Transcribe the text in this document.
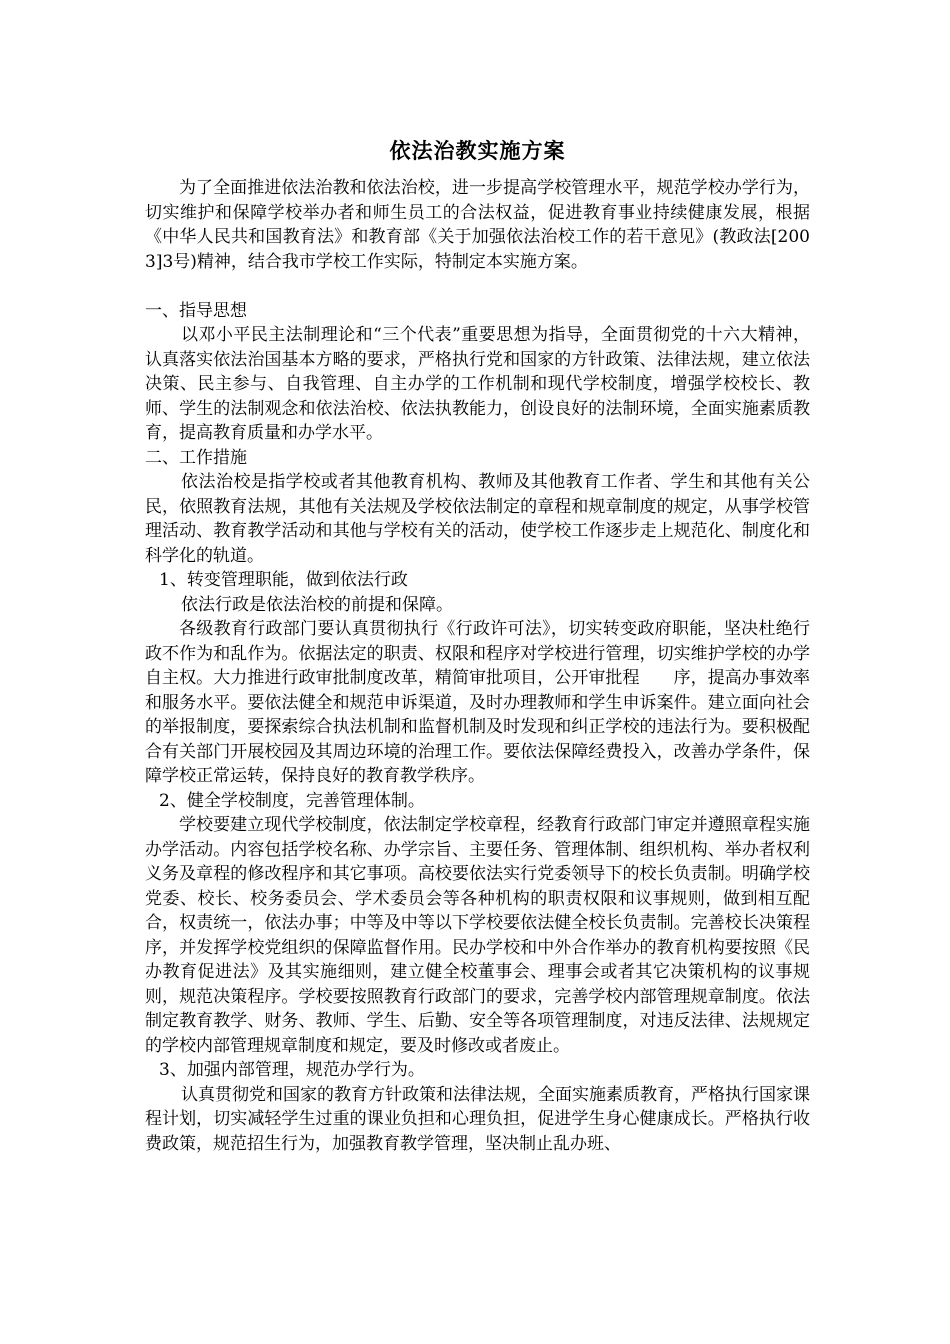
依法治教实施方案

为了全面推进依法治教和依法治校，进一步提高学校管理水平，规范学校办学行为，切实维护和保障学校举办者和师生员工的合法权益，促进教育事业持续健康发展，根据《中华人民共和国教育法》和教育部《关于加强依法治校工作的若干意见》(教政法[2003]3号)精神，结合我市学校工作实际，特制定本实施方案。

一、指导思想

以邓小平民主法制理论和“三个代表”重要思想为指导，全面贯彻党的十六大精神，认真落实依法治国基本方略的要求，严格执行党和国家的方针政策、法律法规，建立依法决策、民主参与、自我管理、自主办学的工作机制和现代学校制度，增强学校校长、教师、学生的法制观念和依法治校、依法执教能力，创设良好的法制环境，全面实施素质教育，提高教育质量和办学水平。

二、工作措施

依法治校是指学校或者其他教育机构、教师及其他教育工作者、学生和其他有关公民，依照教育法规，其他有关法规及学校依法制定的章程和规章制度的规定，从事学校管理活动、教育教学活动和其他与学校有关的活动，使学校工作逐步走上规范化、制度化和科学化的轨道。

1、转变管理职能，做到依法行政

依法行政是依法治校的前提和保障。

各级教育行政部门要认真贯彻执行《行政许可法》，切实转变政府职能，坚决杜绝行政不作为和乱作为。依据法定的职责、权限和程序对学校进行管理，切实维护学校的办学自主权。大力推进行政审批制度改革，精简审批项目，公开审批程　　序，提高办事效率和服务水平。要依法健全和规范申诉渠道，及时办理教师和学生申诉案件。建立面向社会的举报制度，要探索综合执法机制和监督机制及时发现和纠正学校的违法行为。要积极配合有关部门开展校园及其周边环境的治理工作。要依法保障经费投入，改善办学条件，保障学校正常运转，保持良好的教育教学秩序。

2、健全学校制度，完善管理体制。

学校要建立现代学校制度，依法制定学校章程，经教育行政部门审定并遵照章程实施办学活动。内容包括学校名称、办学宗旨、主要任务、管理体制、组织机构、举办者权利义务及章程的修改程序和其它事项。高校要依法实行党委领导下的校长负责制。明确学校党委、校长、校务委员会、学术委员会等各种机构的职责权限和议事规则，做到相互配合，权责统一，依法办事；中等及中等以下学校要依法健全校长负责制。完善校长决策程序，并发挥学校党组织的保障监督作用。民办学校和中外合作举办的教育机构要按照《民办教育促进法》及其实施细则，建立健全校董事会、理事会或者其它决策机构的议事规则，规范决策程序。学校要按照教育行政部门的要求，完善学校内部管理规章制度。依法制定教育教学、财务、教师、学生、后勤、安全等各项管理制度，对违反法律、法规规定的学校内部管理规章制度和规定，要及时修改或者废止。

3、加强内部管理，规范办学行为。

认真贯彻党和国家的教育方针政策和法律法规，全面实施素质教育，严格执行国家课程计划，切实减轻学生过重的课业负担和心理负担，促进学生身心健康成长。严格执行收费政策，规范招生行为，加强教育教学管理，坚决制止乱办班、
